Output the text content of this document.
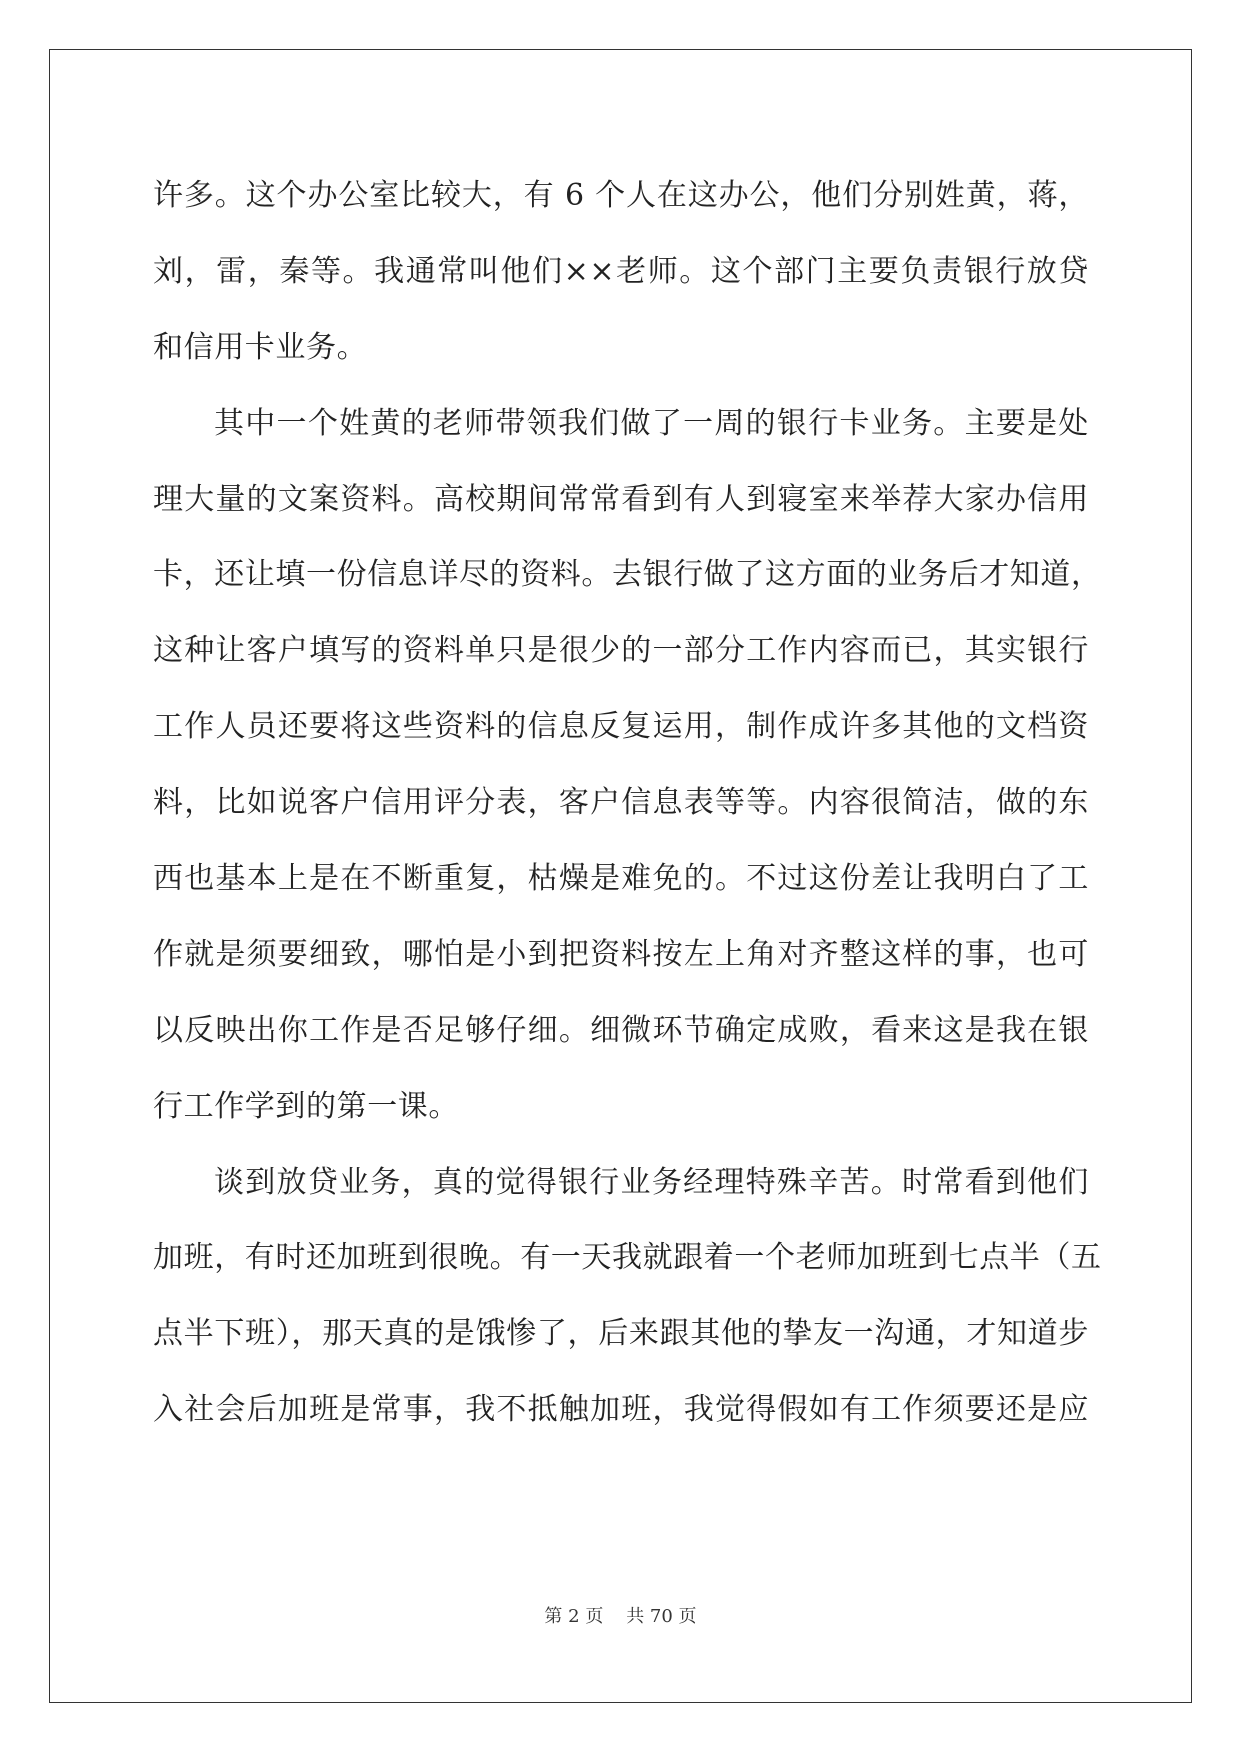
许多。这个办公室比较大，有 6 个人在这办公，他们分别姓黄，蒋，
刘，雷，秦等。我通常叫他们××老师。这个部门主要负责银行放贷
和信用卡业务。
其中一个姓黄的老师带领我们做了一周的银行卡业务。主要是处
理大量的文案资料。高校期间常常看到有人到寝室来举荐大家办信用
卡，还让填一份信息详尽的资料。去银行做了这方面的业务后才知道，
这种让客户填写的资料单只是很少的一部分工作内容而已，其实银行
工作人员还要将这些资料的信息反复运用，制作成许多其他的文档资
料，比如说客户信用评分表，客户信息表等等。内容很简洁，做的东
西也基本上是在不断重复，枯燥是难免的。不过这份差让我明白了工
作就是须要细致，哪怕是小到把资料按左上角对齐整这样的事，也可
以反映出你工作是否足够仔细。细微环节确定成败，看来这是我在银
行工作学到的第一课。
谈到放贷业务，真的觉得银行业务经理特殊辛苦。时常看到他们
加班，有时还加班到很晚。有一天我就跟着一个老师加班到七点半（五
点半下班），那天真的是饿惨了，后来跟其他的挚友一沟通，才知道步
入社会后加班是常事，我不抵触加班，我觉得假如有工作须要还是应
第 2 页    共 70 页
